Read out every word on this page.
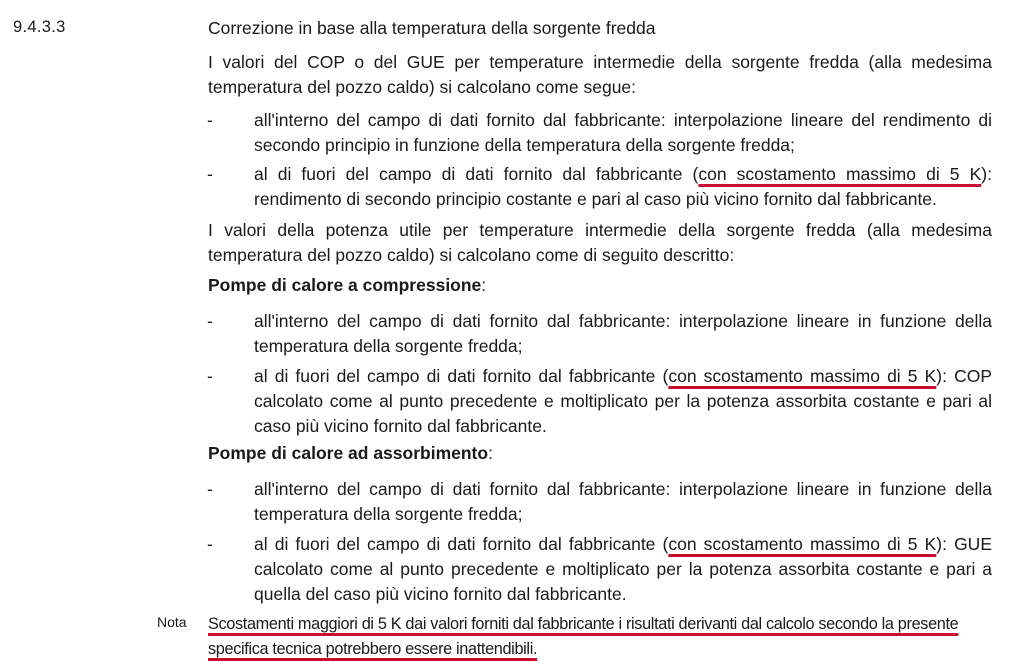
9.4.3.3	Correzione in base alla temperatura della sorgente fredda
I valori del COP o del GUE per temperature intermedie della sorgente fredda (alla medesima temperatura del pozzo caldo) si calcolano come segue:
- all'interno del campo di dati fornito dal fabbricante: interpolazione lineare del rendimento di secondo principio in funzione della temperatura della sorgente fredda;
- al di fuori del campo di dati fornito dal fabbricante (con scostamento massimo di 5 K): rendimento di secondo principio costante e pari al caso più vicino fornito dal fabbricante.
I valori della potenza utile per temperature intermedie della sorgente fredda (alla medesima temperatura del pozzo caldo) si calcolano come di seguito descritto:
Pompe di calore a compressione:
- all'interno del campo di dati fornito dal fabbricante: interpolazione lineare in funzione della temperatura della sorgente fredda;
- al di fuori del campo di dati fornito dal fabbricante (con scostamento massimo di 5 K): COP calcolato come al punto precedente e moltiplicato per la potenza assorbita costante e pari al caso più vicino fornito dal fabbricante.
Pompe di calore ad assorbimento:
- all'interno del campo di dati fornito dal fabbricante: interpolazione lineare in funzione della temperatura della sorgente fredda;
- al di fuori del campo di dati fornito dal fabbricante (con scostamento massimo di 5 K): GUE calcolato come al punto precedente e moltiplicato per la potenza assorbita costante e pari a quella del caso più vicino fornito dal fabbricante.
Nota Scostamenti maggiori di 5 K dai valori forniti dal fabbricante i risultati derivanti dal calcolo secondo la presente specifica tecnica potrebbero essere inattendibili.
